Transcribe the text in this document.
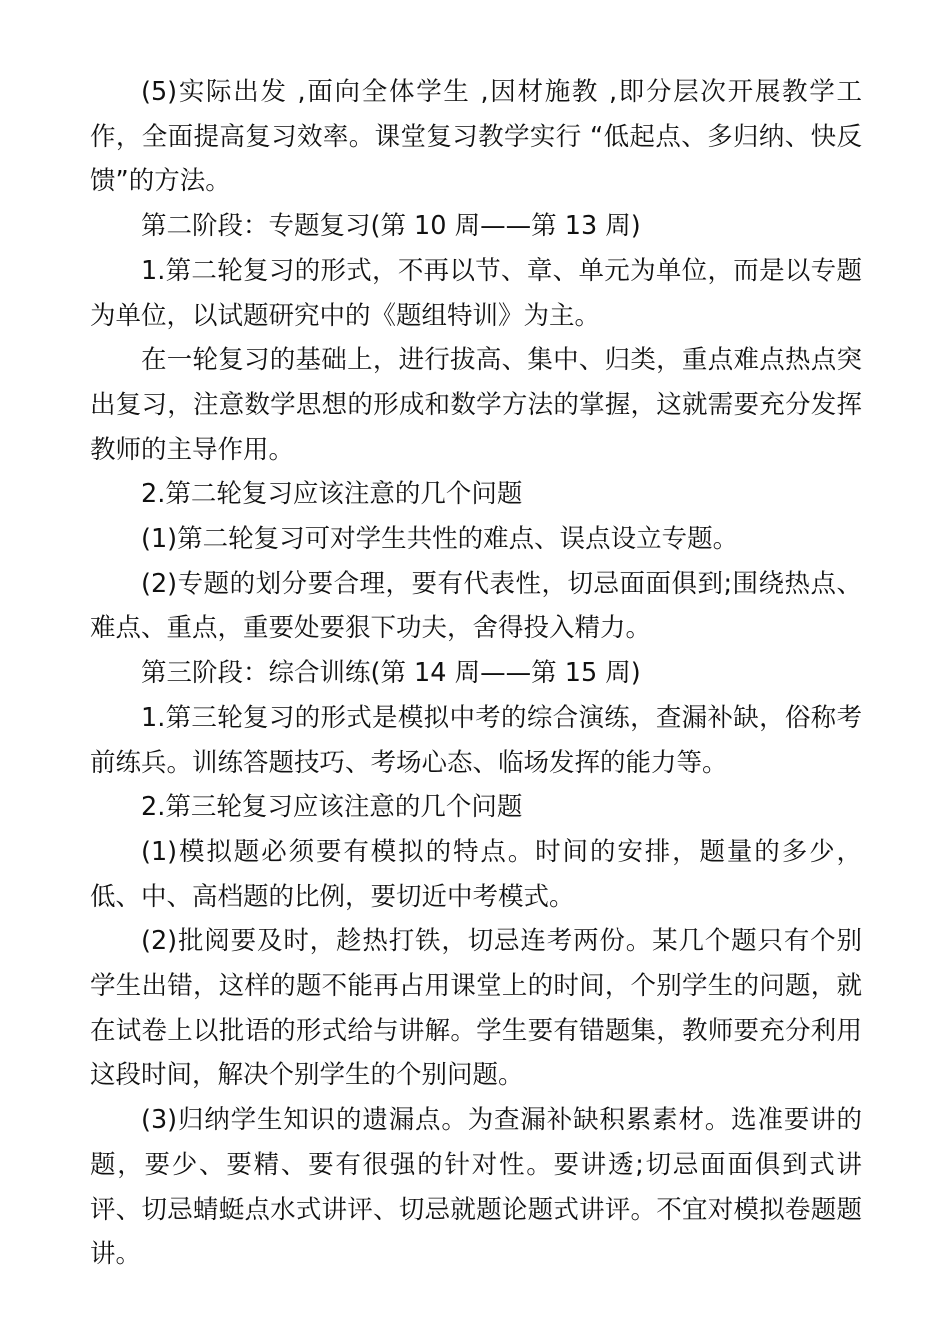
(5)实际出发 ,面向全体学生 ,因材施教 ,即分层次开展教学工作，全面提高复习效率。课堂复习教学实行 “低起点、多归纳、快反馈”的方法。

第二阶段：专题复习(第 10 周——第 13 周)

1.第二轮复习的形式，不再以节、章、单元为单位，而是以专题为单位，以试题研究中的《题组特训》为主。

在一轮复习的基础上，进行拔高、集中、归类，重点难点热点突出复习，注意数学思想的形成和数学方法的掌握，这就需要充分发挥教师的主导作用。

2.第二轮复习应该注意的几个问题

(1)第二轮复习可对学生共性的难点、误点设立专题。

(2)专题的划分要合理，要有代表性，切忌面面俱到;围绕热点、难点、重点，重要处要狠下功夫，舍得投入精力。

第三阶段：综合训练(第 14 周——第 15 周)

1.第三轮复习的形式是模拟中考的综合演练，查漏补缺，俗称考前练兵。训练答题技巧、考场心态、临场发挥的能力等。

2.第三轮复习应该注意的几个问题

(1)模拟题必须要有模拟的特点。时间的安排，题量的多少，低、中、高档题的比例，要切近中考模式。

(2)批阅要及时，趁热打铁，切忌连考两份。某几个题只有个别学生出错，这样的题不能再占用课堂上的时间，个别学生的问题，就在试卷上以批语的形式给与讲解。学生要有错题集，教师要充分利用这段时间，解决个别学生的个别问题。

(3)归纳学生知识的遗漏点。为查漏补缺积累素材。选准要讲的题，要少、要精、要有很强的针对性。要讲透;切忌面面俱到式讲评、切忌蜻蜓点水式讲评、切忌就题论题式讲评。不宜对模拟卷题题讲。
